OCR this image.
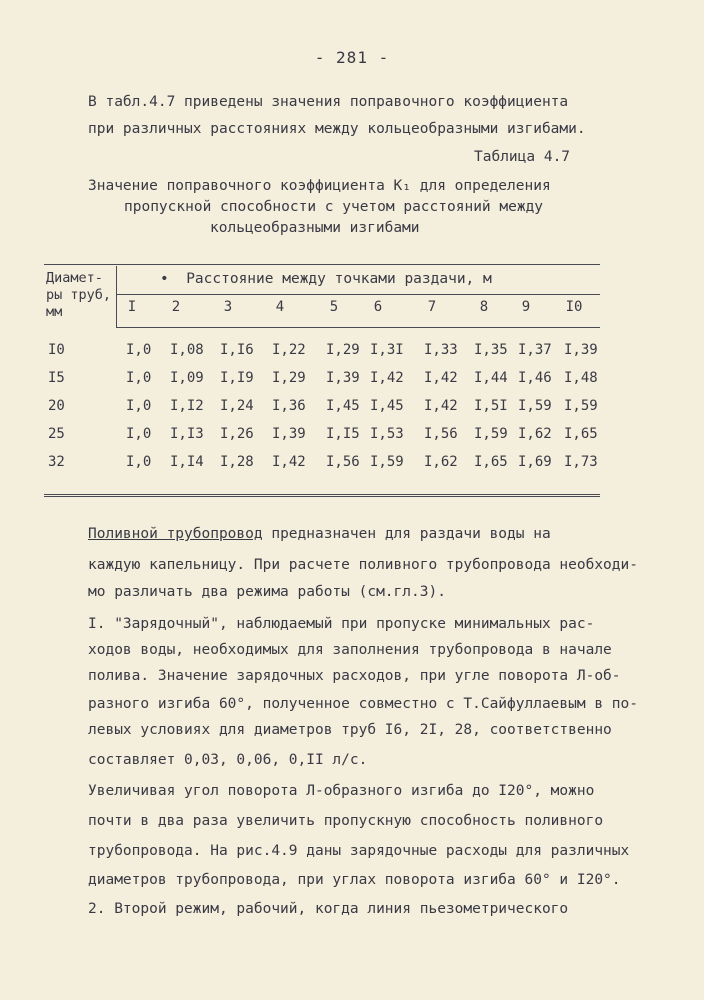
- 281 -
В табл.4.7 приведены значения поправочного коэффициента
при различных расстояниях между кольцеобразными изгибами.
Таблица 4.7
Значение поправочного коэффициента K₁ для определения
пропускной способности с учетом расстояний между
кольцеобразными изгибами
Диамет-
ры труб,
мм
•  Расстояние между точками раздачи, м
I	2	3	4	5	6	7	8	9	I0
I0	I,0 I,08 I,I6 I,22 I,29 I,3I I,33 I,35 I,37 I,39
I5	I,0 I,09 I,I9 I,29 I,39 I,42 I,42 I,44 I,46 I,48
20	I,0 I,I2 I,24 I,36 I,45 I,45 I,42 I,5I I,59 I,59
25	I,0 I,I3 I,26 I,39 I,I5 I,53 I,56 I,59 I,62 I,65
32	I,0 I,I4 I,28 I,42 I,56 I,59 I,62 I,65 I,69 I,73
Поливной трубопровод предназначен для раздачи воды на
каждую капельницу. При расчете поливного трубопровода необходи-
мо различать два режима работы (см.гл.3).
I. "Зарядочный", наблюдаемый при пропуске минимальных рас-
ходов воды, необходимых для заполнения трубопровода в начале
полива. Значение зарядочных расходов, при угле поворота Л-об-
разного изгиба 60°, полученное совместно с Т.Сайфуллаевым в по-
левых условиях для диаметров труб I6, 2I, 28, соответственно
составляет 0,03, 0,06, 0,II л/с.
Увеличивая угол поворота Л-образного изгиба до I20°, можно
почти в два раза увеличить пропускную способность поливного
трубопровода. На рис.4.9 даны зарядочные расходы для различных
диаметров трубопровода, при углах поворота изгиба 60° и I20°.
2. Второй режим, рабочий, когда линия пьезометрического
